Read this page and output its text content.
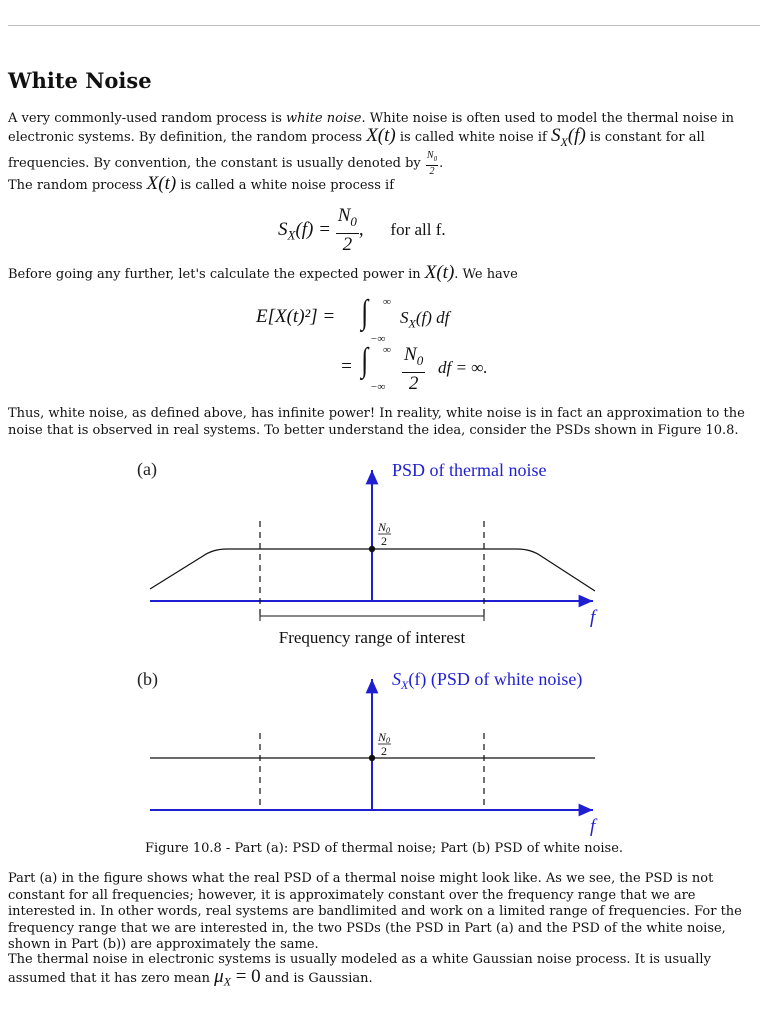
White Noise
A very commonly-used random process is white noise. White noise is often used to model the thermal noise in electronic systems. By definition, the random process X(t) is called white noise if $S_X(f)$ is constant for all frequencies. By convention, the constant is usually denoted by $\frac{N_0}{2}$ .
The random process X(t) is called a white noise process if
$S_X(f) = \frac{N_0}{2}$ , for all f.
Before going any further, let's calculate the expected power in X(t). We have
E[X(t)²] = ∫ ∞
−∞
$S_X(f)$ df
= ∫ ∞
−∞ $\frac{N_0}{2}$ df = ∞.
Thus, white noise, as defined above, has infinite power! In reality, white noise is in fact an approximation to the noise that is observed in real systems. To better understand the idea, consider the PSDs shown in Figure 10.8.
(a)	PSD of thermal noise
f
N0
2
Frequency range of interest
(b)	$S_X(f)$ (PSD of white noise)
f
N0
2
Figure 10.8 - Part (a): PSD of thermal noise; Part (b) PSD of white noise.
Part (a) in the figure shows what the real PSD of a thermal noise might look like. As we see, the PSD is not constant for all frequencies; however, it is approximately constant over the frequency range that we are interested in. In other words, real systems are bandlimited and work on a limited range of frequencies. For the frequency range that we are interested in, the two PSDs (the PSD in Part (a) and the PSD of the white noise, shown in Part (b)) are approximately the same.
The thermal noise in electronic systems is usually modeled as a white Gaussian noise process. It is usually assumed that it has zero mean $\mu_X = 0$ and is Gaussian.
